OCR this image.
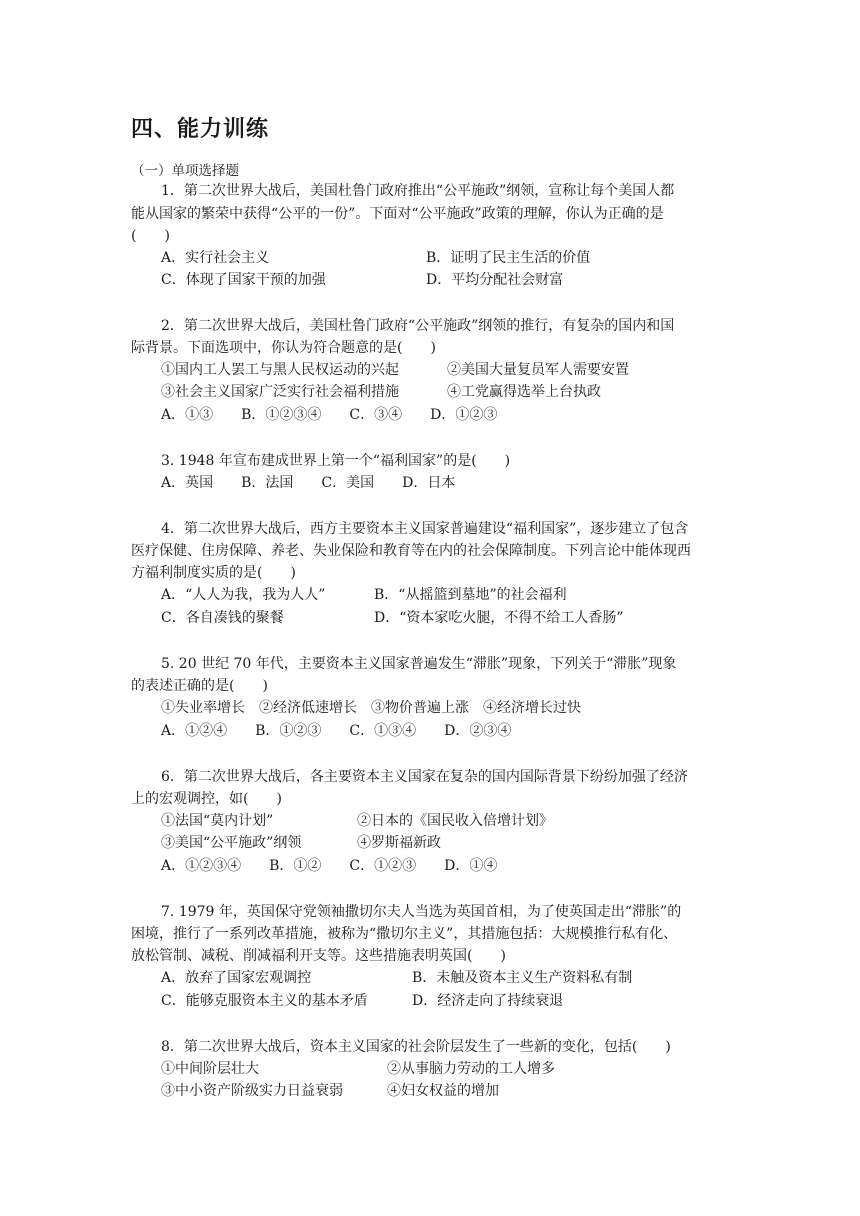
四、能力训练
（一）单项选择题
1．第二次世界大战后，美国杜鲁门政府推出“公平施政”纲领，宣称让每个美国人都
能从国家的繁荣中获得“公平的一份”。下面对“公平施政”政策的理解，你认为正确的是
(　　)
A．实行社会主义	B．证明了民主生活的价值
C．体现了国家干预的加强	D．平均分配社会财富
2．第二次世界大战后，美国杜鲁门政府“公平施政”纲领的推行，有复杂的国内和国
际背景。下面选项中，你认为符合题意的是(　　)
①国内工人罢工与黑人民权运动的兴起	②美国大量复员军人需要安置
③社会主义国家广泛实行社会福利措施	④工党赢得选举上台执政
A．①③　　B．①②③④　　C．③④　　D．①②③
3. 1948 年宣布建成世界上第一个“福利国家”的是(　　)
A．英国　　B．法国　　C．美国　　D．日本
4．第二次世界大战后，西方主要资本主义国家普遍建设“福利国家”，逐步建立了包含
医疗保健、住房保障、养老、失业保险和教育等在内的社会保障制度。下列言论中能体现西
方福利制度实质的是(　　)
A．“人人为我，我为人人”	B．“从摇篮到墓地”的社会福利
C．各自凑钱的聚餐	D．“资本家吃火腿，不得不给工人香肠”
5. 20 世纪 70 年代，主要资本主义国家普遍发生“滞胀”现象，下列关于“滞胀”现象
的表述正确的是(　　)
①失业率增长　②经济低速增长　③物价普遍上涨　④经济增长过快
A．①②④　　B．①②③　　C．①③④　　D．②③④
6．第二次世界大战后，各主要资本主义国家在复杂的国内国际背景下纷纷加强了经济
上的宏观调控，如(　　)
①法国“莫内计划”	②日本的《国民收入倍增计划》
③美国“公平施政”纲领	④罗斯福新政
A．①②③④　　B．①②　　C．①②③　　D．①④
7. 1979 年，英国保守党领袖撒切尔夫人当选为英国首相，为了使英国走出“滞胀”的
困境，推行了一系列改革措施，被称为“撒切尔主义”，其措施包括：大规模推行私有化、
放松管制、减税、削减福利开支等。这些措施表明英国(　　)
A．放弃了国家宏观调控	B．未触及资本主义生产资料私有制
C．能够克服资本主义的基本矛盾	D．经济走向了持续衰退
8．第二次世界大战后，资本主义国家的社会阶层发生了一些新的变化，包括(　　)
①中间阶层壮大	②从事脑力劳动的工人增多
③中小资产阶级实力日益衰弱	④妇女权益的增加
